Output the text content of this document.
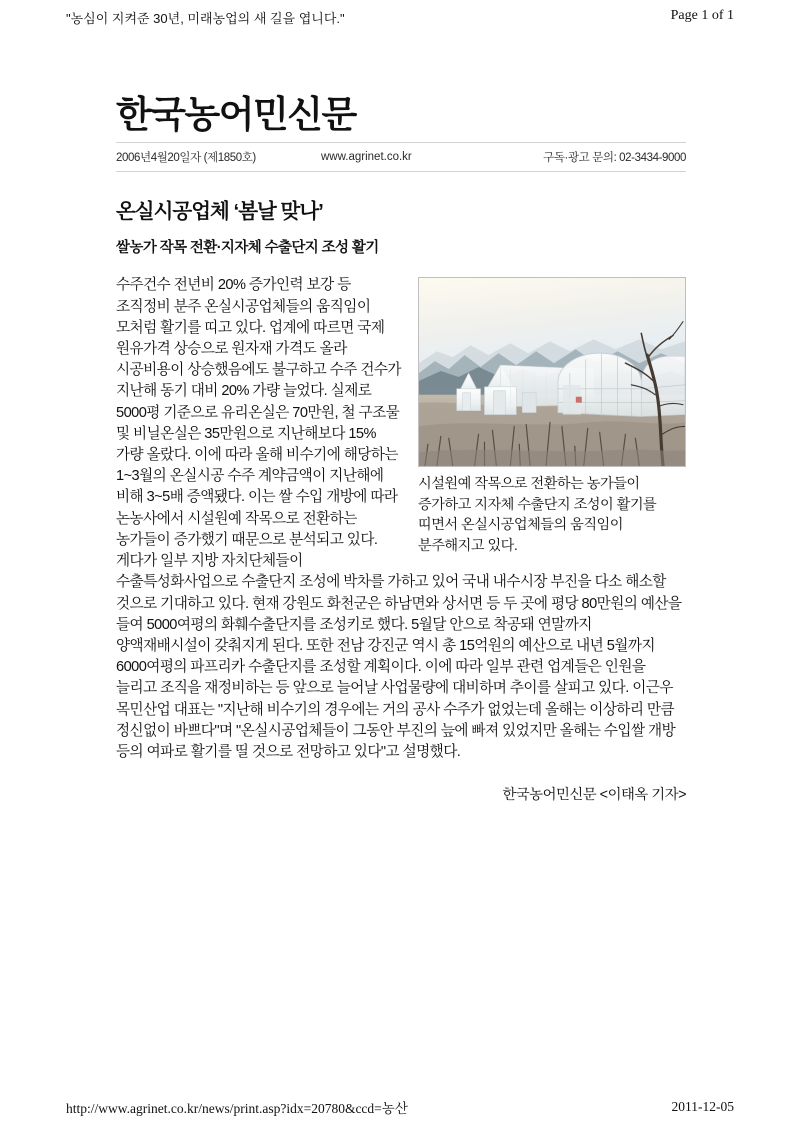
"농심이 지켜준 30년, 미래농업의 새 길을 엽니다."	Page 1 of 1
한국농어민신문
2006년4월20일자 (제1850호)	www.agrinet.co.kr	구독·광고 문의: 02-3434-9000
온실시공업체 ‘봄날 맞나’
쌀농가 작목 전환·지자체 수출단지 조성 활기
시설원예 작목으로 전환하는 농가들이 증가하고 지자체 수출단지 조성이 활기를 띠면서 온실시공업체들의 움직임이 분주해지고 있다.

수주건수 전년비 20% 증가인력 보강 등 조직정비 분주 온실시공업체들의 움직임이 모처럼 활기를 띠고 있다. 업계에 따르면 국제 원유가격 상승으로 원자재 가격도 올라 시공비용이 상승했음에도 불구하고 수주 건수가 지난해 동기 대비 20% 가량 늘었다. 실제로 5000평 기준으로 유리온실은 70만원, 철 구조물 및 비닐온실은 35만원으로 지난해보다 15% 가량 올랐다. 이에 따라 올해 비수기에 해당하는 1~3월의 온실시공 수주 계약금액이 지난해에 비해 3~5배 증액됐다. 이는 쌀 수입 개방에 따라 논농사에서 시설원예 작목으로 전환하는 농가들이 증가했기 때문으로 분석되고 있다. 게다가 일부 지방 자치단체들이 수출특성화사업으로 수출단지 조성에 박차를 가하고 있어 국내 내수시장 부진을 다소 해소할 것으로 기대하고 있다. 현재 강원도 화천군은 하남면와 상서면 등 두 곳에 평당 80만원의 예산을 들여 5000여평의 화훼수출단지를 조성키로 했다. 5월달 안으로 착공돼 연말까지 양액재배시설이 갖춰지게 된다. 또한 전남 강진군 역시 총 15억원의 예산으로 내년 5월까지 6000여평의 파프리카 수출단지를 조성할 계획이다. 이에 따라 일부 관련 업계들은 인원을 늘리고 조직을 재정비하는 등 앞으로 늘어날 사업물량에 대비하며 추이를 살피고 있다. 이근우 목민산업 대표는 "지난해 비수기의 경우에는 거의 공사 수주가 없었는데 올해는 이상하리 만큼 정신없이 바쁘다"며 "온실시공업체들이 그동안 부진의 늪에 빠져 있었지만 올해는 수입쌀 개방 등의 여파로 활기를 띨 것으로 전망하고 있다"고 설명했다.

한국농어민신문 <이태옥 기자>
http://www.agrinet.co.kr/news/print.asp?idx=20780&ccd=농산	2011-12-05
